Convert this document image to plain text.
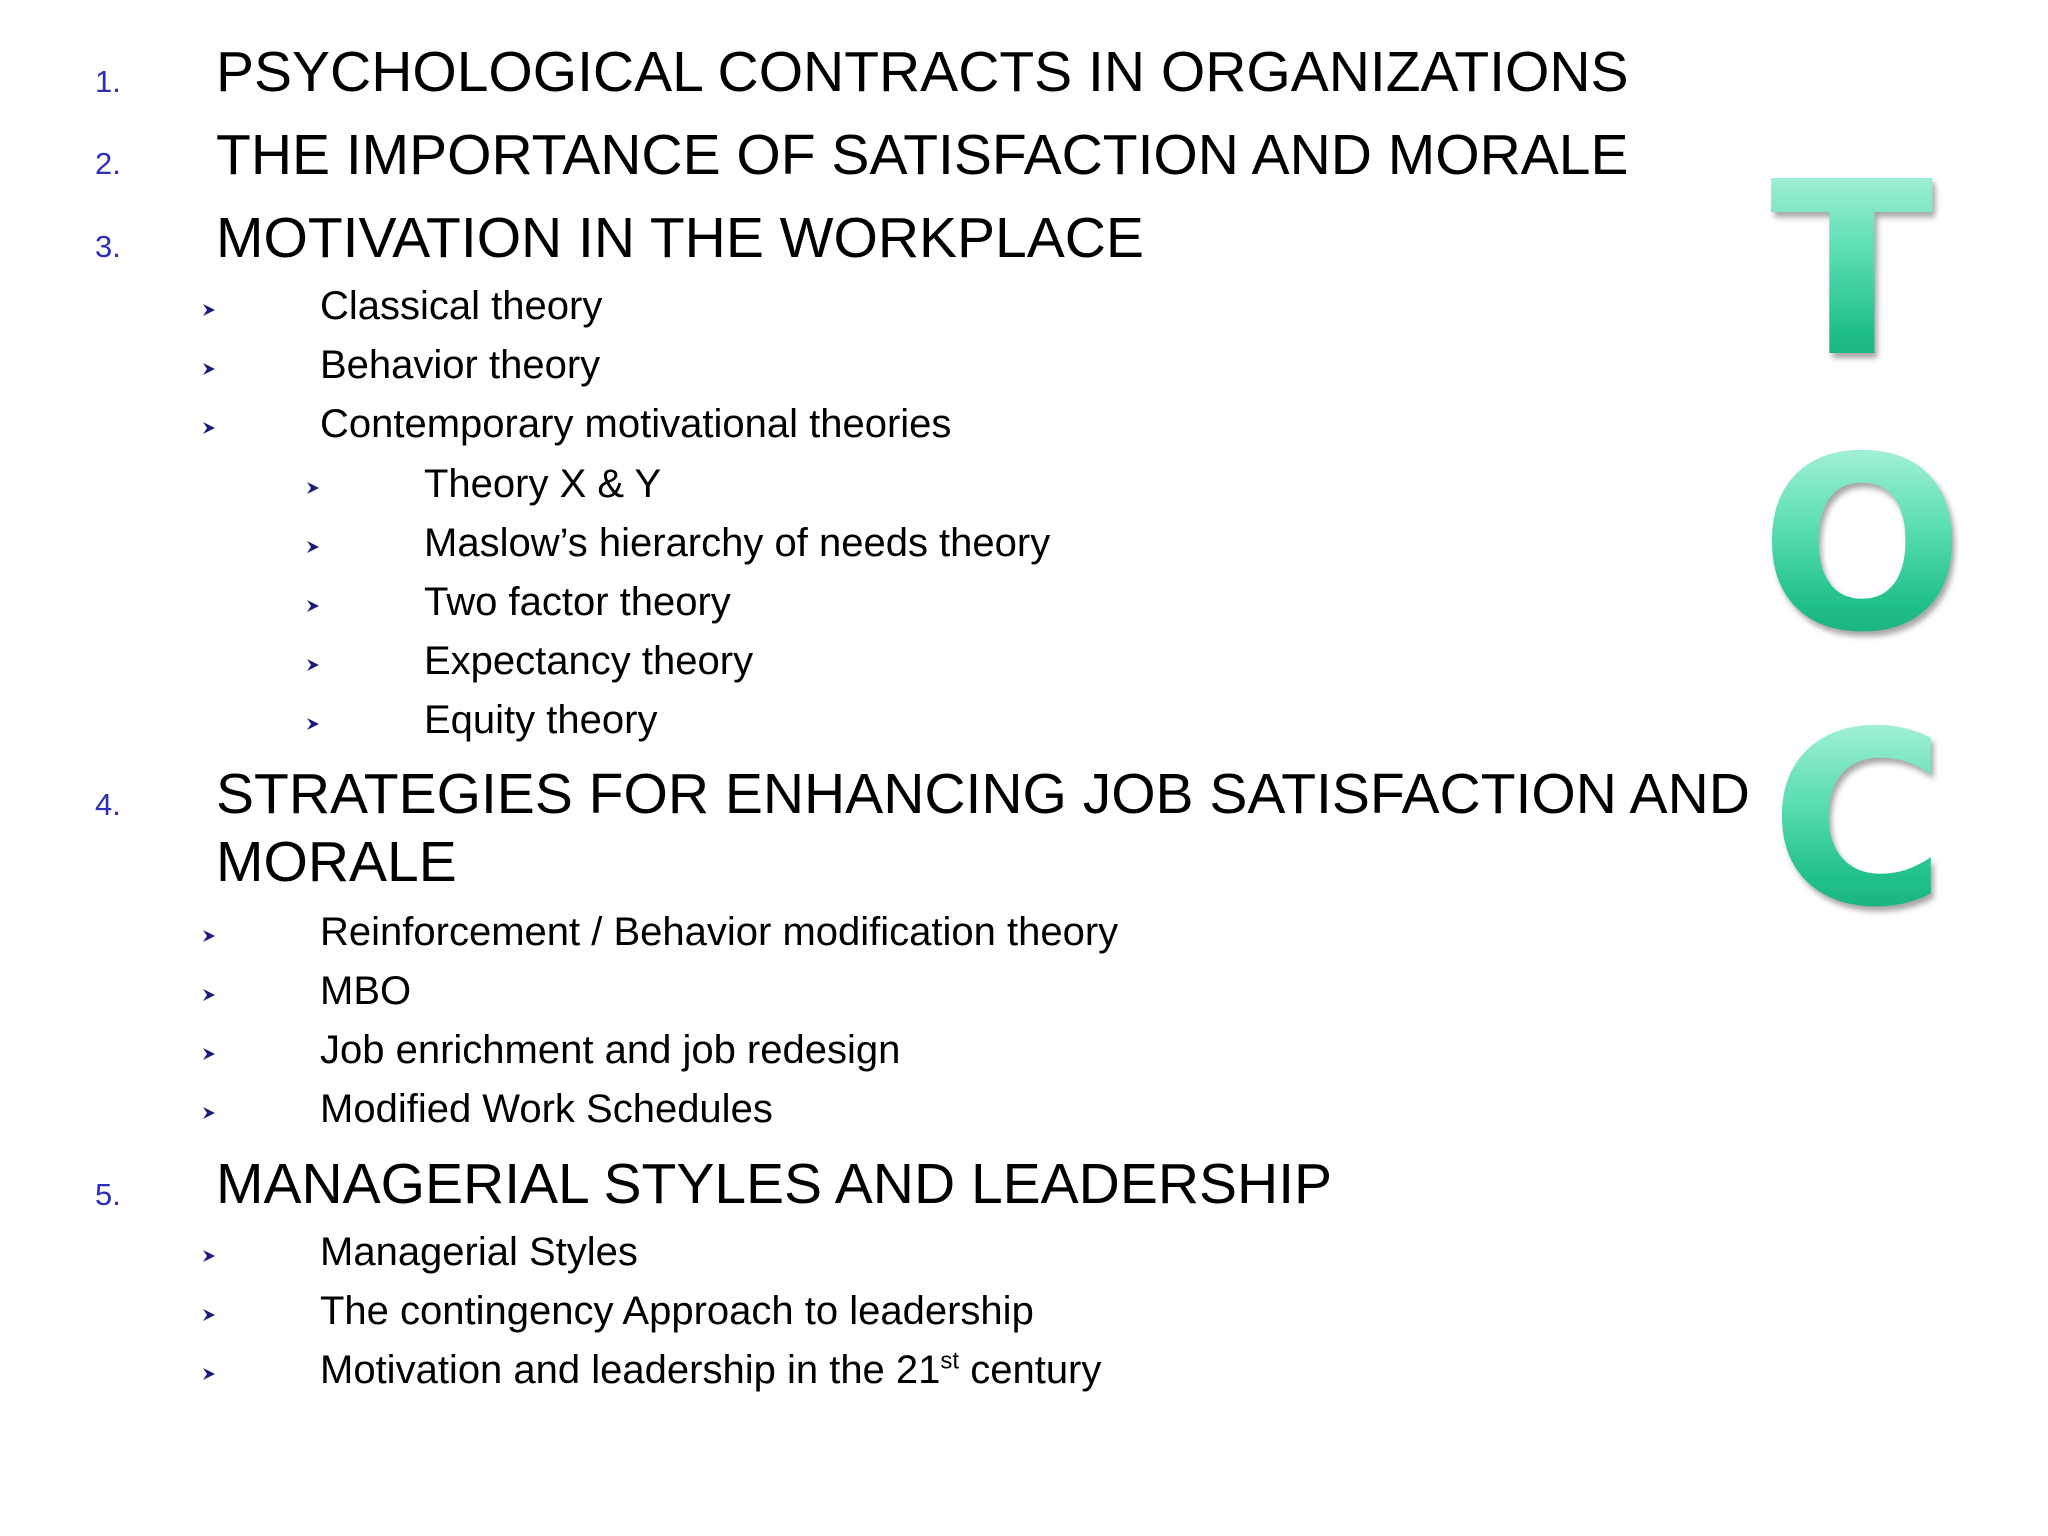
T
O
C
1. PSYCHOLOGICAL CONTRACTS IN ORGANIZATIONS
2. THE IMPORTANCE OF SATISFACTION AND MORALE
3. MOTIVATION IN THE WORKPLACE
Classical theory
Behavior theory
Contemporary motivational theories
Theory X & Y
Maslow’s hierarchy of needs theory
Two factor theory
Expectancy theory
Equity theory
4. STRATEGIES FOR ENHANCING JOB SATISFACTION AND
MORALE
Reinforcement / Behavior modification theory
MBO
Job enrichment and job redesign
Modified Work Schedules
5. MANAGERIAL STYLES AND LEADERSHIP
Managerial Styles
The contingency Approach to leadership
Motivation and leadership in the 21st century
